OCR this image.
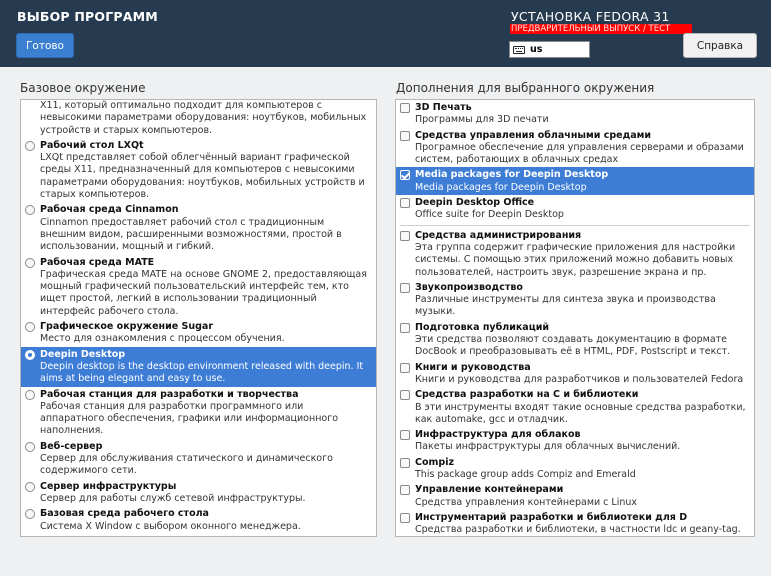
ВЫБОР ПРОГРАММ
Готово
УСТАНОВКА FEDORA 31
ПРЕДВАРИТЕЛЬНЫЙ ВЫПУСК / ТЕСТ
us	Справка
Базовое окружение	Дополнения для выбранного окружения
X11, который оптимально подходит для компьютеров с невысокими параметрами оборудования: ноутбуков, мобильных устройств и старых компьютеров.
Рабочий стол LXQt
LXQt представляет собой облегчённый вариант графической среды X11, предназначенный для компьютеров с невысокими параметрами оборудования: ноутбуков, мобильных устройств и старых компьютеров.
Рабочая среда Cinnamon
Cinnamon предоставляет рабочий стол с традиционным внешним видом, расширенными возможностями, простой в использовании, мощный и гибкий.
Рабочая среда MATE
Графическая среда MATE на основе GNOME 2, предоставляющая мощный графический пользовательский интерфейс тем, кто ищет простой, легкий в использовании традиционный интерфейс рабочего стола.
Графическое окружение Sugar
Место для ознакомления с процессом обучения.
Deepin Desktop
Deepin desktop is the desktop environment released with deepin. It aims at being elegant and easy to use.
Рабочая станция для разработки и творчества
Рабочая станция для разработки программного или аппаратного обеспечения, графики или информационного наполнения.
Веб-сервер
Сервер для обслуживания статического и динамического содержимого сети.
Сервер инфраструктуры
Сервер для работы служб сетевой инфраструктуры.
Базовая среда рабочего стола
Система X Window с выбором оконного менеджера.
3D Печать
Программы для 3D печати
Средства управления облачными средами
Програмное обеспечение для управления серверами и образами систем, работающих в облачных средах
Media packages for Deepin Desktop
Media packages for Deepin Desktop
Deepin Desktop Office
Office suite for Deepin Desktop
Средства администрирования
Эта группа содержит графические приложения для настройки системы. С помощью этих приложений можно добавить новых пользователей, настроить звук, разрешение экрана и пр.
Звукопроизводство
Различные инструменты для синтеза звука и производства музыки.
Подготовка публикаций
Эти средства позволяют создавать документацию в формате DocBook и преобразовывать её в HTML, PDF, Postscript и текст.
Книги и руководства
Книги и руководства для разработчиков и пользователей Fedora
Средства разработки на C и библиотеки
В эти инструменты входят такие основные средства разработки, как automake, gcc и отладчик.
Инфраструктура для облаков
Пакеты инфраструктуры для облачных вычислений.
Compiz
This package group adds Compiz and Emerald
Управление контейнерами
Средства управления контейнерами с Linux
Инструментарий разработки и библиотеки для D
Средства разработки и библиотеки, в частности ldc и geany-tag.
